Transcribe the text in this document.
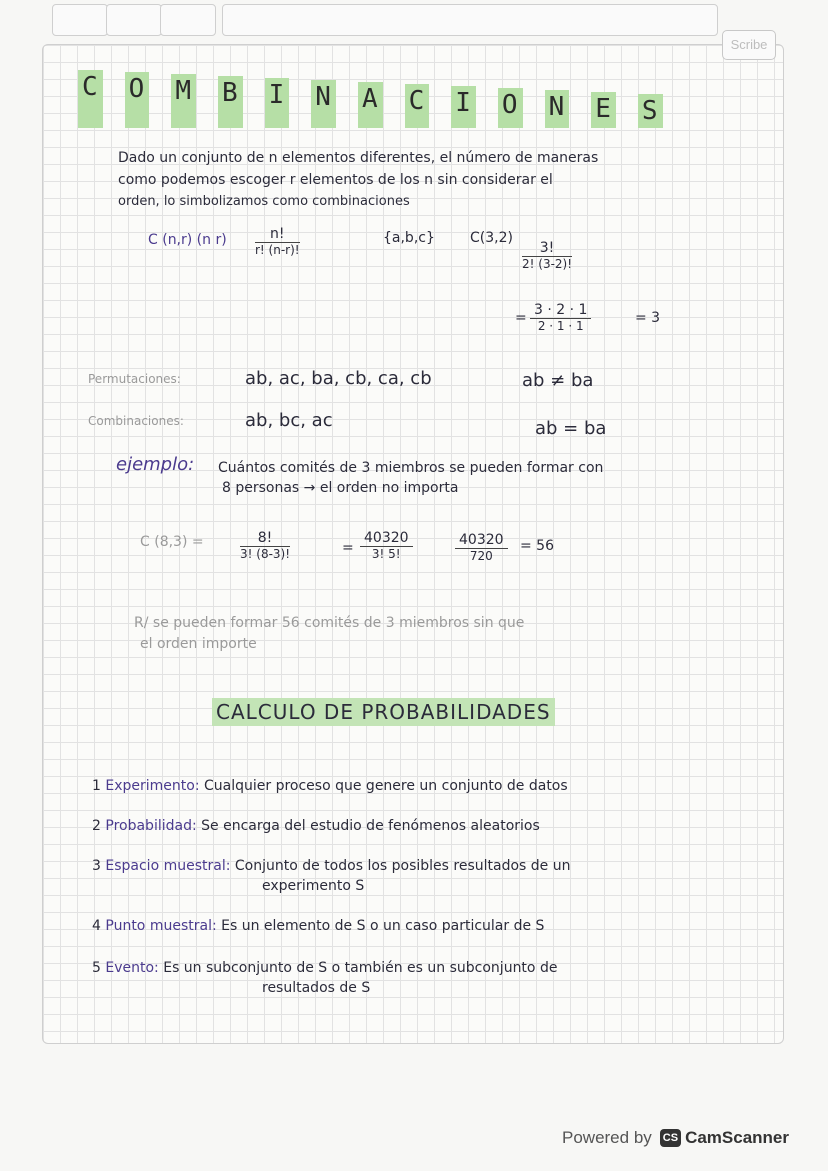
Scribe
C O M B I N A C I O N E S
Dado un conjunto de n elementos diferentes, el número de maneras
como podemos escoger r elementos de los n sin considerar el
orden, lo simbolizamos como combinaciones
C (n,r) (n $r) \frac{n!}{r! (n-r)!}$	{a,b,c}	C(3,2)
$\frac{3!}{2! (3-2)!}$
= $\frac{3 \cdot 2 \cdot 1}{2 \cdot 1 \cdot 1}$	= 3
Permutaciones:	ab, ac, ba, cb, ca, cb	ab ≠ ba
Combinaciones:	ab, bc, ac	ab = ba
ejemplo: Cuántos comités de 3 miembros se pueden formar con
8 personas → el orden no importa
C (8,3) =	$\frac{8!}{3! (8-3)!}$	= $\frac{40320}{3! 5!}$	$\frac{40320}{720} = 56$
R/ se pueden formar 56 comités de 3 miembros sin que
el orden importe
CALCULO DE PROBABILIDADES
1 Experimento: Cualquier proceso que genere un conjunto de datos
2 Probabilidad: Se encarga del estudio de fenómenos aleatorios
3 Espacio muestral: Conjunto de todos los posibles resultados de un
experimento S
4 Punto muestral: Es un elemento de S o un caso particular de S
5 Evento: Es un subconjunto de S o también es un subconjunto de
resultados de S
Powered by CS CamScanner
